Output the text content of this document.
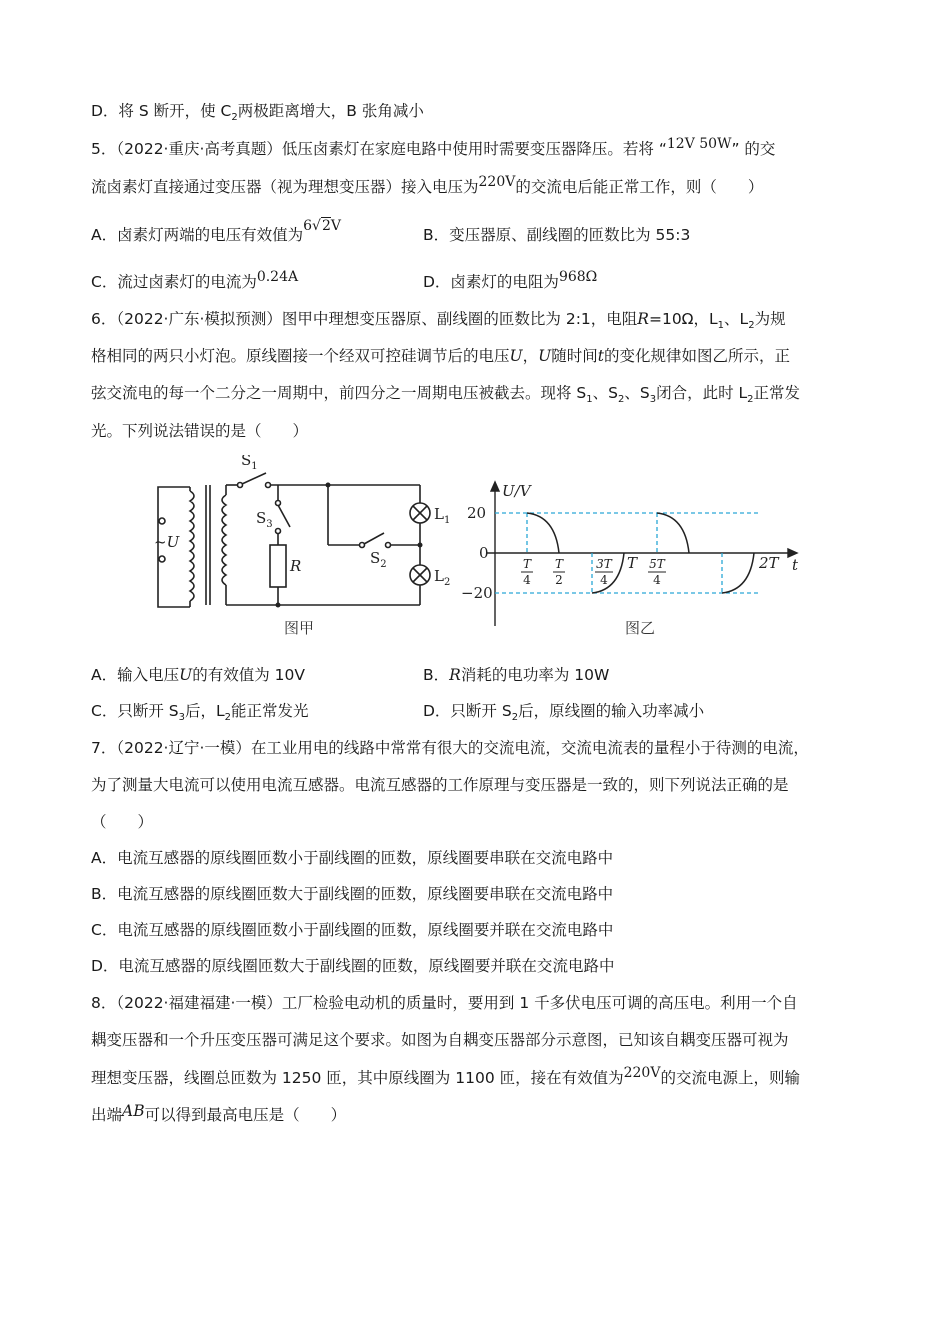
D．将 S 断开，使 $C_2$两极距离增大，B 张角减小
5．（2022·重庆·高考真题）低压卤素灯在家庭电路中使用时需要变压器降压。若将 “12V 50W” 的交
流卤素灯直接通过变压器（视为理想变压器）接入电压为220V的交流电后能正常工作，则（　　）
A．卤素灯两端的电压有效值为6√2V	B．变压器原、副线圈的匝数比为 55:3
C．流过卤素灯的电流为0.24A	D．卤素灯的电阻为968Ω
6．（2022·广东·模拟预测）图甲中理想变压器原、副线圈的匝数比为 2:1，电阻R=10Ω，$L_1$、$L_2$为规
格相同的两只小灯泡。原线圈接一个经双可控硅调节后的电压U，U随时间t的变化规律如图乙所示，正
弦交流电的每一个二分之一周期中，前四分之一周期电压被截去。现将 $S_1$、$S_2$、$S_3$闭合，此时 $L_2$正常发
光。下列说法错误的是（　　）
~U
$S_1$
$S_3$
$S_2$
R
$L_1$
$L_2$
图甲
U/V
t
20
0
−20
T
4
T
2
3T
4
5T
4
T	2T
图乙
A．输入电压U的有效值为 10V	B．R消耗的电功率为 10W
C．只断开 $S_3$后，$L_2$能正常发光	D．只断开 $S_2$后，原线圈的输入功率减小
7．（2022·辽宁·一模）在工业用电的线路中常常有很大的交流电流，交流电流表的量程小于待测的电流，
为了测量大电流可以使用电流互感器。电流互感器的工作原理与变压器是一致的，则下列说法正确的是
（　　）
A．电流互感器的原线圈匝数小于副线圈的匝数，原线圈要串联在交流电路中
B．电流互感器的原线圈匝数大于副线圈的匝数，原线圈要串联在交流电路中
C．电流互感器的原线圈匝数小于副线圈的匝数，原线圈要并联在交流电路中
D．电流互感器的原线圈匝数大于副线圈的匝数，原线圈要并联在交流电路中
8．（2022·福建福建·一模）工厂检验电动机的质量时，要用到 1 千多伏电压可调的高压电。利用一个自
耦变压器和一个升压变压器可满足这个要求。如图为自耦变压器部分示意图，已知该自耦变压器可视为
理想变压器，线圈总匝数为 1250 匝，其中原线圈为 1100 匝，接在有效值为220V的交流电源上，则输
出端AB可以得到最高电压是（　　）
